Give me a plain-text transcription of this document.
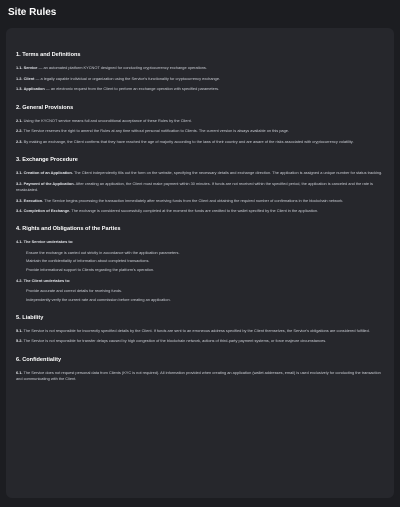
Site Rules
1. Terms and Definitions
1.1. Service — an automated platform KYCNOT designed for conducting cryptocurrency exchange operations.
1.2. Client — a legally capable individual or organization using the Service's functionality for cryptocurrency exchange.
1.3. Application — an electronic request from the Client to perform an exchange operation with specified parameters.
2. General Provisions
2.1. Using the KYCNOT service means full and unconditional acceptance of these Rules by the Client.
2.2. The Service reserves the right to amend the Rules at any time without personal notification to Clients. The current version is always available on this page.
2.3. By making an exchange, the Client confirms that they have reached the age of majority according to the laws of their country and are aware of the risks associated with cryptocurrency volatility.
3. Exchange Procedure
3.1. Creation of an Application. The Client independently fills out the form on the website, specifying the necessary details and exchange direction. The application is assigned a unique number for status tracking.
3.2. Payment of the Application. After creating an application, the Client must make payment within 30 minutes. If funds are not received within the specified period, the application is canceled and the rate is recalculated.
3.3. Execution. The Service begins processing the transaction immediately after receiving funds from the Client and obtaining the required number of confirmations in the blockchain network.
3.4. Completion of Exchange. The exchange is considered successfully completed at the moment the funds are credited to the wallet specified by the Client in the application.
4. Rights and Obligations of the Parties
4.1. The Service undertakes to:
Ensure the exchange is carried out strictly in accordance with the application parameters.
Maintain the confidentiality of information about completed transactions.
Provide informational support to Clients regarding the platform's operation.
4.2. The Client undertakes to:
Provide accurate and correct details for receiving funds.
Independently verify the current rate and commission before creating an application.
5. Liability
5.1. The Service is not responsible for incorrectly specified details by the Client. If funds are sent to an erroneous address specified by the Client themselves, the Service's obligations are considered fulfilled.
5.2. The Service is not responsible for transfer delays caused by high congestion of the blockchain network, actions of third-party payment systems, or force majeure circumstances.
6. Confidentiality
6.1. The Service does not request personal data from Clients (KYC is not required). All information provided when creating an application (wallet addresses, email) is used exclusively for conducting the transaction and communicating with the Client.
